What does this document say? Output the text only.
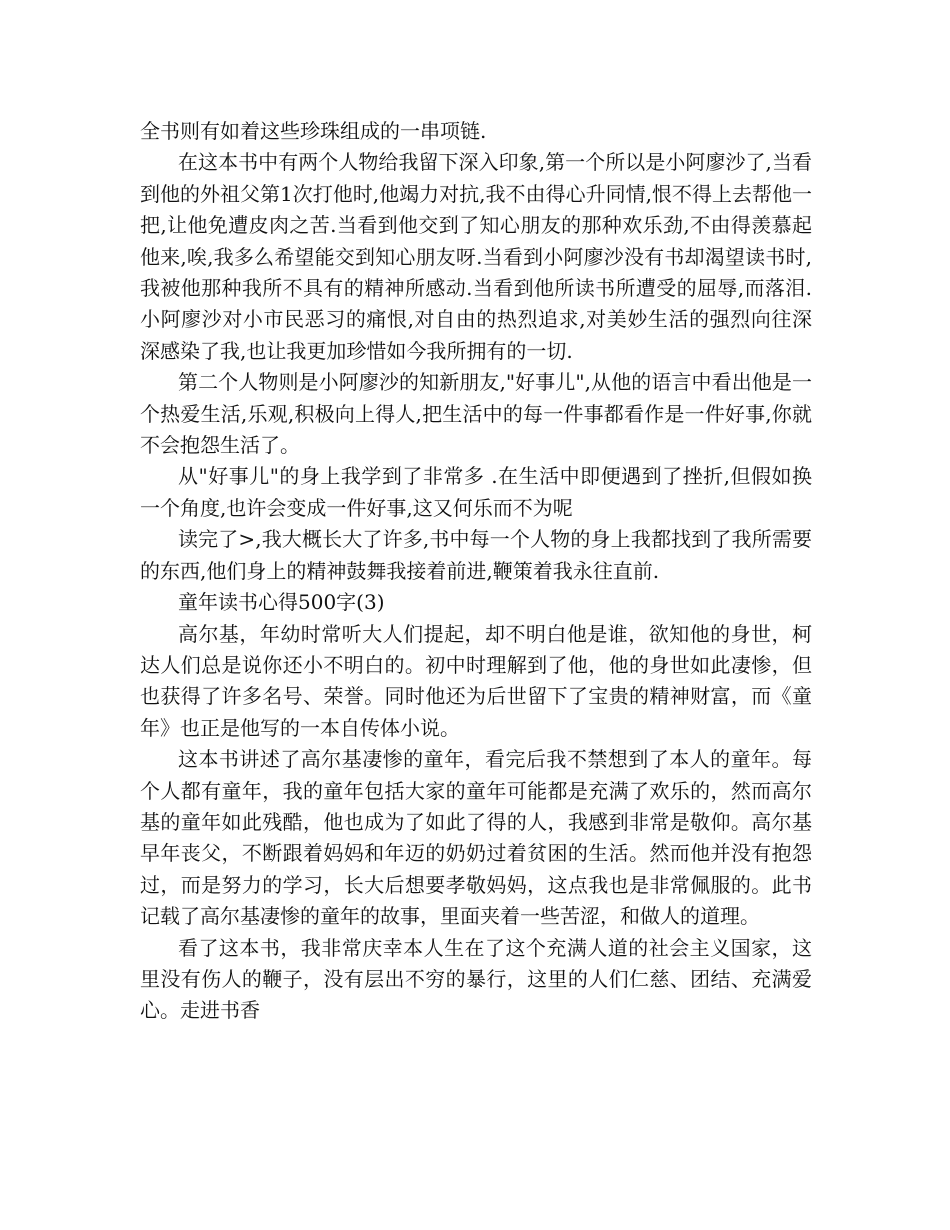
全书则有如着这些珍珠组成的一串项链.

在这本书中有两个人物给我留下深入印象,第一个所以是小阿廖沙了,当看到他的外祖父第1次打他时,他竭力对抗,我不由得心升同情,恨不得上去帮他一把,让他免遭皮肉之苦.当看到他交到了知心朋友的那种欢乐劲,不由得羡慕起他来,唉,我多么希望能交到知心朋友呀.当看到小阿廖沙没有书却渴望读书时,我被他那种我所不具有的精神所感动.当看到他所读书所遭受的屈辱,而落泪.小阿廖沙对小市民恶习的痛恨,对自由的热烈追求,对美妙生活的强烈向往深深感染了我,也让我更加珍惜如今我所拥有的一切.

第二个人物则是小阿廖沙的知新朋友,"好事儿",从他的语言中看出他是一个热爱生活,乐观,积极向上得人,把生活中的每一件事都看作是一件好事,你就不会抱怨生活了。

从"好事儿"的身上我学到了非常多 .在生活中即便遇到了挫折,但假如换一个角度,也许会变成一件好事,这又何乐而不为呢

读完了>,我大概长大了许多,书中每一个人物的身上我都找到了我所需要的东西,他们身上的精神鼓舞我接着前进,鞭策着我永往直前.

童年读书心得500字(3)

高尔基，年幼时常听大人们提起，却不明白他是谁，欲知他的身世，柯达人们总是说你还小不明白的。初中时理解到了他，他的身世如此凄惨，但也获得了许多名号、荣誉。同时他还为后世留下了宝贵的精神财富，而《童年》也正是他写的一本自传体小说。

这本书讲述了高尔基凄惨的童年，看完后我不禁想到了本人的童年。每个人都有童年，我的童年包括大家的童年可能都是充满了欢乐的，然而高尔基的童年如此残酷，他也成为了如此了得的人，我感到非常是敬仰。高尔基早年丧父，不断跟着妈妈和年迈的奶奶过着贫困的生活。然而他并没有抱怨过，而是努力的学习，长大后想要孝敬妈妈，这点我也是非常佩服的。此书记载了高尔基凄惨的童年的故事，里面夹着一些苦涩，和做人的道理。

看了这本书，我非常庆幸本人生在了这个充满人道的社会主义国家，这里没有伤人的鞭子，没有层出不穷的暴行，这里的人们仁慈、团结、充满爱心。走进书香
